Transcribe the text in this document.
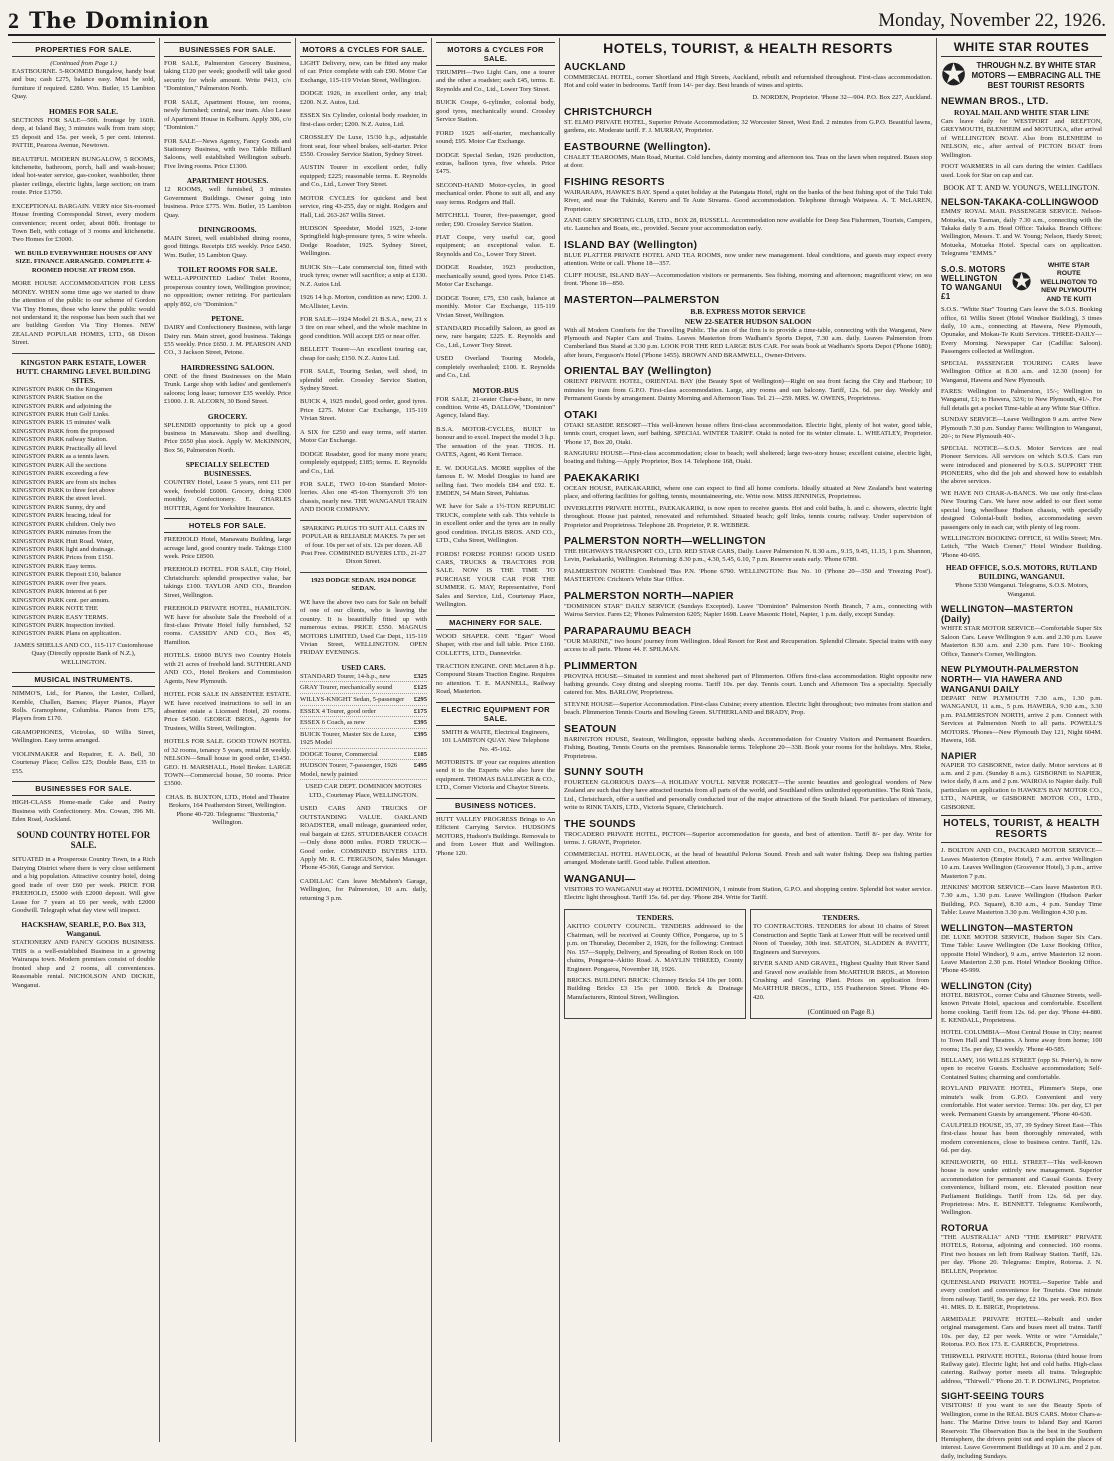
2 The Dominion	Monday, November 22, 1926.
PROPERTIES FOR SALE.
(Continued from Page 1.)
EASTBOURNE. 5-ROOMED Bungalow, handy boat and bus; cash £275, balance easy. Must be sold, furniture if required. £280. Wm. Butler, 15 Lambton Quay.
HOMES FOR SALE.
SECTIONS FOR SALE—50ft. frontage by 160ft. deep, at Island Bay, 3 minutes walk from tram stop; £5 deposit and 15s. per week, 5 per cent. interest. PATTIE, Pearcea Avenue, Newtown.
BEAUTIFUL MODERN BUNGALOW, 5 ROOMS, kitchenette, bathroom, porch, hall and wash-house; ideal hot-water service, gas-cooker, washboiler, three plaster ceilings, electric lights, large section; on tram route. Price £1750.
EXCEPTIONAL BARGAIN. VERY nice Six-roomed House fronting Correspondal Street, every modern convenience; recent order, about 80ft. frontage to Town Belt, with cottage of 3 rooms and kitchenette. Two Homes for £3000.
WE BUILD EVERYWHERE HOUSES OF ANY SIZE. FINANCE ARRANGED. COMPLETE 4-ROOMED HOUSE AT FROM £950.
MORE HOUSE ACCOMMODATION FOR LESS MONEY. WHEN some time ago we started to draw the attention of the public to our scheme of Gordon Via Tiny Homes, those who knew the public would not understand it; the response has been such that we are building Gordon Via Tiny Homes. NEW ZEALAND POPULAR HOMES, LTD., 68 Dixon Street.
KINGSTON PARK ESTATE, LOWER HUTT. CHARMING LEVEL BUILDING SITES.
KINGSTON PARK On the Kingsmen
KINGSTON PARK Station on the
KINGSTON PARK and adjoining the
KINGSTON PARK Hutt Golf Links.
KINGSTON PARK 15 minutes' walk
KINGSTON PARK from the proposed
KINGSTON PARK railway Station.
KINGSTON PARK Practically all level
KINGSTON PARK as a tennis lawn.
KINGSTON PARK All the sections
KINGSTON PARK exceeding a few
KINGSTON PARK are from six inches
KINGSTON PARK to three feet above
KINGSTON PARK the street level.
KINGSTON PARK Sunny, dry and
KINGSTON PARK bracing, ideal for
KINGSTON PARK children. Only two
KINGSTON PARK minutes from the
KINGSTON PARK Hutt Road. Water,
KINGSTON PARK light and drainage.
KINGSTON PARK Prices from £150.
KINGSTON PARK Easy terms.
KINGSTON PARK Deposit £10, balance
KINGSTON PARK over five years.
KINGSTON PARK Interest at 6 per
KINGSTON PARK cent. per annum.
KINGSTON PARK NOTE THE
KINGSTON PARK EASY TERMS.
KINGSTON PARK Inspection invited.
KINGSTON PARK Plans on application.
JAMES SHIELLS AND CO., 115-117 Customhouse Quay (Directly opposite Bank of N.Z.), WELLINGTON.
MUSICAL INSTRUMENTS.
NIMMO'S, Ltd., for Pianos, the Lester, Collard, Kemble, Challen, Barnes; Player Pianos, Player Rolls. Gramophone, Columbia. Pianos from £75, Players from £170.
GRAMOPHONES, Victrolas, 60 Willis Street, Wellington. Easy terms arranged.
VIOLINMAKER and Repairer, E. A. Bell, 30 Courtenay Place; Cellos £25; Double Bass, £35 to £55.
BUSINESSES FOR SALE.
HIGH-CLASS Home-made Cake and Pastry Business with Confectionery. Mrs. Cowan, 396 Mt. Eden Road, Auckland.
SOUND COUNTRY HOTEL FOR SALE.
SITUATED in a Prosperous Country Town, in a Rich Dairying District where there is very close settlement and a big population. Attractive country hotel, doing good trade of over £60 per week. PRICE FOR FREEHOLD, £5000 with £2000 deposit. Will give Lease for 7 years at £6 per week, with £2000 Goodwill. Telegraph what day view will inspect.
HACKSHAW, SEARLE, P.O. Box 313, Wanganui.
STATIONERY AND FANCY GOODS BUSINESS. THIS is a well-established Business in a growing Wairarapa town. Modern premises consist of double fronted shop and 2 rooms, all conveniences. Reasonable rental. NICHOLSON AND DICKIE, Wanganui.
BUSINESSES FOR SALE.
FOR SALE, Palmerston Grocery Business, taking £120 per week; goodwill will take good security for whole amount. Write P413, c/o "Dominion," Palmerston North.
FOR SALE, Apartment House, ten rooms, newly furnished; central, near tram. Also Lease of Apartment House in Kelburn. Apply 306, c/o "Dominion."
FOR SALE—News Agency, Fancy Goods and Stationery Business, with two Table Billiard Saloons, well established Wellington suburb. Five living rooms. Price £1300.
APARTMENT HOUSES.
12 ROOMS, well furnished, 3 minutes Government Buildings. Owner going into business. Price £775. Wm. Butler, 15 Lambton Quay.
DININGROOMS.
MAIN Street, well established dining rooms, good fittings. Receipts £65 weekly. Price £450. Wm. Butler, 15 Lambton Quay.
TOILET ROOMS FOR SALE.
WELL-APPOINTED Ladies' Toilet Rooms, prosperous country town, Wellington province; no opposition; owner retiring. For particulars apply 892, c/o "Dominion."
PETONE.
DAIRY and Confectionery Business, with large Dairy run. Main street, good business. Takings £55 weekly. Price £650. J. M. PEARSON AND CO., 3 Jackson Street, Petone.
HAIRDRESSING SALOON.
ONE of the finest Businesses on the Main Trunk. Large shop with ladies' and gentlemen's saloons; long lease; turnover £35 weekly. Price £1000. J. R. ALCORN, 30 Bond Street.
GROCERY.
SPLENDID opportunity to pick up a good business in Manawatu. Shop and dwelling. Price £650 plus stock. Apply W. McKINNON, Box 56, Palmerston North.
SPECIALLY SELECTED BUSINESSES.
COUNTRY Hotel, Lease 5 years, rent £11 per week, freehold £6000. Grocery, doing £300 monthly, Confectionery. E. CHARLES HOTTER, Agent for Yorkshire Insurance.
HOTELS FOR SALE.
FREEHOLD Hotel, Manawatu Building, large acreage land, good country trade. Takings £100 week. Price £8500.
FREEHOLD HOTEL. FOR SALE, City Hotel, Christchurch: splendid prospective value, bar takings £100. TAYLOR AND CO., Brandon Street, Wellington.
FREEHOLD PRIVATE HOTEL, HAMILTON. WE have for absolute Sale the Freehold of a first-class Private Hotel fully furnished, 52 rooms. CASSIDY AND CO., Box 45, Hamilton.
HOTELS. £6000 BUYS two Country Hotels with 21 acres of freehold land. SUTHERLAND AND CO., Hotel Brokers and Commission Agents, New Plymouth.
HOTEL FOR SALE IN ABSENTEE ESTATE. WE have received instructions to sell in an absentee estate a Licensed Hotel, 20 rooms. Price £4500. GEORGE BROS., Agents for Trustees, Willis Street, Wellington.
HOTELS FOR SALE. GOOD TOWN HOTEL of 32 rooms, tenancy 5 years, rental £8 weekly. NELSON—Small house in good order, £1450. GEO. H. MARSHALL, Hotel Broker. LARGE TOWN—Commercial house, 50 rooms. Price £3500.
CHAS. B. BUXTON, LTD., Hotel and Theatre Brokers, 164 Featherston Street, Wellington. Phone 40-720. Telegrams: "Buxtonia," Wellington.
MOTORS & CYCLES FOR SALE.
LIGHT Delivery, new, can be fitted any make of car. Price complete with cab £90. Motor Car Exchange, 115-119 Vivian Street, Wellington.
DODGE 1926, in excellent order, any trial; £200. N.Z. Autos, Ltd.
ESSEX Six Cylinder, colonial body roadster, in first-class order; £200. N.Z. Autos, Ltd.
CROSSLEY De Luxe, 15/30 h.p., adjustable front seat, four wheel brakes, self-starter. Price £550. Crossley Service Station, Sydney Street.
AUSTIN Tourer in excellent order, fully equipped; £225; reasonable terms. E. Reynolds and Co., Ltd., Lower Tory Street.
MOTOR CYCLES for quickest and best service, ring 43-255, day or night. Rodgers and Hall, Ltd. 263-267 Willis Street.
HUDSON Speedster, Model 1925, 2-tone Springfield high-pressure tyres, 5 wire wheels. Dodge Roadster, 1925. Sydney Street, Wellington.
BUICK Six—Late commercial ton, fitted with truck tyres; owner will sacrifice; a snip at £130. N.Z. Autos Ltd.
1926 14 h.p. Morton, condition as new; £200. J. McAllister, Levin.
FOR SALE—1924 Model 21 B.S.A., new, 21 x 3 tire on rear wheel, and the whole machine in good condition. Will accept £65 or near offer.
BELLETT Tourer—An excellent touring car, cheap for cash; £150. N.Z. Autos Ltd.
FOR SALE, Touring Sedan, well shod, in splendid order. Crossley Service Station, Sydney Street.
BUICK 4, 1925 model, good order, good tyres. Price £275. Motor Car Exchange, 115-119 Vivian Street.
A SIX for £250 and easy terms, self starter. Motor Car Exchange.
DODGE Roadster, good for many more years; completely equipped; £185; terms. E. Reynolds and Co., Ltd.
FOR SALE, TWO 10-ton Standard Motor-lorries. Also one 45-ton Thornycroft 3½ ton chassis, nearly new. THE WANGANUI TRAIN AND DOOR COMPANY.
SPARKING PLUGS TO SUIT ALL CARS IN POPULAR & RELIABLE MAKES. 7s per set of four. 10s per set of six. 12s per dozen. All Post Free. COMBINED BUYERS LTD., 21-27 Dixon Street.
1923 DODGE SEDAN. 1924 DODGE SEDAN.
WE have the above two cars for Sale on behalf of one of our clients, who is leaving the country. It is beautifully fitted up with numerous extras. PRICE £550. MAGNUS MOTORS LIMITED, Used Car Dept., 115-119 Vivian Street, WELLINGTON. OPEN FRIDAY EVENINGS.
USED CARS.
STANDARD Tourer, 14-h.p., new	£325
GRAY Tourer, mechanically sound	£125
WILLYS-KNIGHT Sedan, 5-passenger	£295
ESSEX 4 Tourer, good order	£175
ESSEX 6 Coach, as new	£395
BUICK Tourer, Master Six de Luxe, 1925 Model
£395
DODGE Tourer, Commercial	£185
HUDSON Tourer, 7-passenger, 1926 Model, newly painted
£495
USED CAR DEPT. DOMINION MOTORS LTD., Courtenay Place, WELLINGTON.
USED CARS AND TRUCKS OF OUTSTANDING VALUE. OAKLAND ROADSTER, small mileage, guaranteed order, real bargain at £265. STUDEBAKER COACH—Only done 8000 miles. FORD TRUCK—Good order. COMBINED BUYERS LTD. Apply Mr. R. C. FERGUSON, Sales Manager. 'Phone 45-366, Garage and Service.
CADILLAC Cars leave McMahon's Garage, Wellington, for Palmerston, 10 a.m. daily, returning 3 p.m.
MOTORS & CYCLES FOR SALE.
TRIUMPH—Two Light Cars, one a tourer and the other a roadster; each £45, terms. E. Reynolds and Co., Ltd., Lower Tory Street.
BUICK Coupe, 6-cylinder, colonial body, good tyres, mechanically sound. Crossley Service Station.
FORD 1925 self-starter, mechanically sound; £95. Motor Car Exchange.
DODGE Special Sedan, 1926 production, extras, balloon tyres, five wheels. Price £475.
SECOND-HAND Motor-cycles, in good mechanical order. Phone to suit all, and any easy terms. Rodgers and Hall.
MITCHELL Tourer, five-passenger, good order; £90. Crossley Service Station.
FIAT Coupe, very useful car, good equipment; an exceptional value. E. Reynolds and Co., Lower Tory Street.
DODGE Roadster, 1923 production, mechanically sound, good tyres. Price £145. Motor Car Exchange.
DODGE Tourer, £75, £30 cash, balance at monthly. Motor Car Exchange, 115-119 Vivian Street, Wellington.
STANDARD Piccadilly Saloon, as good as new, rare bargain; £225. E. Reynolds and Co., Ltd., Lower Tory Street.
USED Overland Touring Models, completely overhauled; £100. E. Reynolds and Co., Ltd.
MOTOR-BUS
FOR SALE, 21-seater Char-a-banc, in new condition. Write 45, DALLOW, "Dominion" Agency, Island Bay.
B.S.A. MOTOR-CYCLES, BUILT to honour and to excel. Inspect the model 3 h.p. The sensation of the year. THOS. H. OATES, Agent, 46 Kent Terrace.
E. W. DOUGLAS. MORE supplies of the famous E. W. Model Douglas to hand are selling fast. Two models £84 and £92. E. EMDEN, 54 Main Street, Pahiatua.
WE have for Sale a 1½-TON REPUBLIC TRUCK, complete with cab. This vehicle is in excellent order and the tyres are in really good condition. INGLIS BROS. AND CO., LTD., Cuba Street, Wellington.
FORDS! FORDS! FORDS! GOOD USED CARS, TRUCKS & TRACTORS FOR SALE. NOW IS THE TIME TO PURCHASE YOUR CAR FOR THE SUMMER. G. MAY, Representative, Ford Sales and Service, Ltd., Courtenay Place, Wellington.
MACHINERY FOR SALE.
WOOD SHAPER. ONE "Egan" Wood Shaper, with rise and fall table. Price £160. COLLETTS, LTD., Dannevirke.
TRACTION ENGINE. ONE McLaren 8 h.p. Compound Steam Traction Engine. Requires no attention. T. E. MANNELL, Railway Road, Masterton.
ELECTRIC EQUIPMENT FOR SALE.
SMITH & WAITE, Electrical Engineers, 101 LAMBTON QUAY. New Telephone No. 45-162.
MOTORISTS. IF your car requires attention send it to the Experts who also have the equipment. THOMAS BALLINGER & CO., LTD., Corner Victoria and Chaytor Streets.
BUSINESS NOTICES.
HUTT VALLEY PROGRESS Brings to An Efficient Carrying Service. HUDSON'S MOTORS, Hudson's Buildings. Removals to and from Lower Hutt and Wellington. 'Phone 120.
HOTELS, TOURIST, & HEALTH RESORTS
AUCKLAND
COMMERCIAL HOTEL, corner Shortland and High Streets, Auckland, rebuilt and refurnished throughout. First-class accommodation. Hot and cold water in bedrooms. Tariff from 14/- per day. Best brands of wines and spirits.
D. NORDEN, Proprietor. 'Phone 32—904. P.O. Box 227, Auckland.
CHRISTCHURCH
ST. ELMO PRIVATE HOTEL, Superior Private Accommodation; 32 Worcester Street, West End. 2 minutes from G.P.O. Beautiful lawns, gardens, etc. Moderate tariff. F. J. MURRAY, Proprietor.
EASTBOURNE (Wellington).
CHALET TEAROOMS, Main Road, Muritai. Cold lunches, dainty morning and afternoon tea. Teas on the lawn when required. Buses stop at door.
FISHING RESORTS
WAIRARAPA, HAWKE'S BAY. Spend a quiet holiday at the Patangata Hotel, right on the banks of the best fishing spot of the Tuki Tuki River, and near the Tukituki, Kereru and Te Aute Streams. Good accommodation. Telephone through Waipawa. A. T. McLAREN, Proprietor.
ZANE GREY SPORTING CLUB, LTD., BOX 28, RUSSELL. Accommodation now available for Deep Sea Fishermen, Tourists, Campers, etc. Launches and Boats, etc., provided. Secure your accommodation early.
ISLAND BAY (Wellington)
BLUE PLATTER PRIVATE HOTEL AND TEA ROOMS, now under new management. Ideal conditions, and guests may expect every attention. Write or call. 'Phone 18—357.
CLIFF HOUSE, ISLAND BAY—Accommodation visitors or permanents. Sea fishing, morning and afternoon; magnificent view; on sea front. 'Phone 18—850.
MASTERTON—PALMERSTON
B.B. EXPRESS MOTOR SERVICE
NEW 22-SEATER HUDSON SALOON
With all Modern Comforts for the Travelling Public. The aim of the firm is to provide a time-table, connecting with the Wanganui, New Plymouth and Napier Cars and Trains. Leaves Masterton from Wadham's Sports Depot, 7.30 a.m. daily. Leaves Palmerston from Cumberland Bus Stand at 3.30 p.m. LOOK FOR THE RED LARGE BUS CAR. For seats book at Wadham's Sports Depot ('Phone 1680); after hours, Ferguson's Hotel ('Phone 1455). BROWN AND BRAMWELL, Owner-Drivers.
ORIENTAL BAY (Wellington)
ORIENT PRIVATE HOTEL, ORIENTAL BAY (the Beauty Spot of Wellington)—Right on sea front facing the City and Harbour; 10 minutes by tram from G.P.O. First-class accommodation. Large, airy rooms and sun balcony. Tariff, 12s. 6d. per day. Weekly and Permanent Guests by arrangement. Dainty Morning and Afternoon Teas. Tel. 21—259. MRS. W. OWENS, Proprietress.
OTAKI
OTAKI SEASIDE RESORT—This well-known house offers first-class accommodation. Electric light, plenty of hot water, good table, tennis court, croquet lawn, surf bathing. SPECIAL WINTER TARIFF. Otaki is noted for its winter climate. L. WHEATLEY, Proprietor. 'Phone 17, Box 20, Otaki.
RANGIURU HOUSE—First-class accommodation; close to beach; well sheltered; large two-story house; excellent cuisine, electric light, boating and fishing.—Apply Proprietor, Box 14. Telephone 168, Otaki.
PAEKAKARIKI
OCEAN HOUSE, PAEKAKARIKI, where one can expect to find all home comforts. Ideally situated at New Zealand's best watering place, and offering facilities for golfing, tennis, mountaineering, etc. Write now. MISS JENNINGS, Proprietress.
INVERLEITH PRIVATE HOTEL, PAEKAKARIKI, is now open to receive guests. Hot and cold baths, h. and c. showers, electric light throughout. House just painted, renovated and refurnished. Situated beach; golf links, tennis courts; railway. Under supervision of Proprietor and Proprietress. Telephone 28. Proprietor, P. R. WEBBER.
PALMERSTON NORTH—WELLINGTON
THE HIGHWAYS TRANSPORT CO., LTD. RED STAR CARS, Daily. Leave Palmerston N. 8.30 a.m., 9.15, 9.45, 11.15, 1 p.m. Shannon, Levin, Paekakariki, Wellington. Returning: 8.30 p.m., 4.30, 5.45, 6.10, 7 p.m. Reserve seats early. 'Phone 6780.
PALMERSTON NORTH: Combined 'Bus P.N. 'Phone 6790. WELLINGTON: Bus No. 10 ('Phone 20—350 and 'Freezing Post'). MASTERTON: Crichton's White Star Office.
PALMERSTON NORTH—NAPIER
"DOMINION STAR" DAILY SERVICE (Sundays Excepted). Leave "Dominion" Palmerston North Branch, 7 a.m., connecting with Wairoa Service. Fares £2; 'Phones Palmerston 6205; Napier 1698. Leave Masonic Hotel, Napier, 1 p.m. daily, except Sunday.
PARAPARAUMU BEACH
"OUR MARINE," two hours' journey from Wellington. Ideal Resort for Rest and Recuperation. Splendid Climate. Special trains with easy access to all parts. 'Phone 44. F. SPILMAN.
PLIMMERTON
PROVINA HOUSE—Situated in sunniest and most sheltered part of Plimmerton. Offers first-class accommodation. Right opposite new bathing grounds. Cosy dining and sleeping rooms. Tariff 10s. per day. Tennis court. Lunch and Afternoon Tea a speciality. Specially catered for. Mrs. BARLOW, Proprietress.
STEYNE HOUSE—Superior Accommodation. First-class Cuisine; every attention. Electric light throughout; two minutes from station and beach. Plimmerton Tennis Courts and Bowling Green. SUTHERLAND and BRADY, Prop.
SEATOUN
BARINGTON HOUSE, Seatoun, Wellington, opposite bathing sheds. Accommodation for Country Visitors and Permanent Boarders. Fishing, Boating, Tennis Courts on the premises. Reasonable terms. Telephone 20—338. Book your rooms for the holidays. Mrs. Rieke, Proprietress.
SUNNY SOUTH
FOURTEEN GLORIOUS DAYS—A HOLIDAY YOU'LL NEVER FORGET—The scenic beauties and geological wonders of New Zealand are such that they have attracted tourists from all parts of the world, and Southland offers unlimited opportunities. The Rink Taxis, Ltd., Christchurch, offer a unified and personally conducted tour of the major attractions of the South Island. For particulars of itinerary, write to RINK TAXIS, LTD., Victoria Square, Christchurch.
THE SOUNDS
TROCADERO PRIVATE HOTEL, PICTON—Superior accommodation for guests, and best of attention. Tariff 8/- per day. Write for terms. J. GRAVE, Proprietor.
COMMERCIAL HOTEL HAVELOCK, at the head of beautiful Pelorus Sound. Fresh and salt water fishing. Deep sea fishing parties arranged. Moderate tariff. Good table. Fullest attention.
WANGANUI—
VISITORS TO WANGANUI stay at HOTEL DOMINION, 1 minute from Station, G.P.O. and shopping centre. Splendid hot water service. Electric light throughout. Tariff 15s. 6d. per day. 'Phone 284. Write for Tariff.
TENDERS.
AKITIO COUNTY COUNCIL. TENDERS addressed to the Chairman, will be received at County Office, Pongaroa, up to 5 p.m. on Thursday, December 2, 1926, for the following: Contract No. 157—Supply, Delivery, and Spreading of Rotten Rock on 100 chains, Pongaroa–Akitio Road. A. MAYLIN THREED, County Engineer. Pongaroa, November 18, 1926.
BRICKS. BUILDING BRICK: Chimney Bricks £4 10s per 1000. Building Bricks £3 15s per 1000. Brick & Drainage Manufacturers, Rintoul Street, Wellington.
TENDERS.
TO CONTRACTORS. TENDERS for about 10 chains of Street Construction and Septic Tank at Lower Hutt will be received until Noon of Tuesday, 30th inst. SEATON, SLADDEN & PAVITT, Engineers and Surveyors.
RIVER SAND AND GRAVEL, Highest Quality Hutt River Sand and Gravel now available from McARTHUR BROS., at Moreton Crushing and Graving Plant. Prices on application from McARTHUR BROS., LTD., 155 Featherston Street. 'Phone 40-420.
(Continued on Page 8.)
WHITE STAR ROUTES
✪	THROUGH N.Z. BY WHITE STAR MOTORS — EMBRACING ALL THE BEST TOURIST RESORTS
NEWMAN BROS., LTD.
ROYAL MAIL AND WHITE STAR LINE
Cars leave daily for WESTPORT and REEFTON, GREYMOUTH, BLENHEIM and MOTUEKA, after arrival of WELLINGTON BOAT. Also from BLENHEIM to NELSON, etc., after arrival of PICTON BOAT from Wellington.
FOOT WARMERS in all cars during the winter. Cadillacs used. Look for Star on cap and car.
BOOK AT T. AND W. YOUNG'S, WELLINGTON.
NELSON-TAKAKA-COLLINGWOOD
EMMS' ROYAL MAIL PASSENGER SERVICE. Nelson-Motueka, via Tasman, daily 7.30 a.m., connecting with the Takaka daily 9 a.m. Head Office: Takaka. Branch Offices: Wellington, Messrs. T. and W. Young; Nelson, Hardy Street; Motueka, Motueka Hotel. Special cars on application. Telegrams "EMMS."
S.O.S. MOTORS WELLINGTON TO WANGANUI £1
✪
WHITE STAR ROUTE WELLINGTON TO NEW PLYMOUTH AND TE KUITI
S.O.S. "White Star" Touring Cars leave the S.O.S. Booking office, 61 Willis Street (Hotel Windsor Building), 3 times daily, 10 a.m., connecting at Hawera, New Plymouth, Opunake, and Mokau-Te Kuiti Services. THREE-DAILY—Every Morning. Newspaper Car (Cadillac Saloon). Passengers collected at Wellington.
SPECIAL PASSENGER TOURING CARS leave Wellington Office at 8.30 a.m. and 12.30 (noon) for Wanganui, Hawera and New Plymouth.
FARES: Wellington to Palmerston, 15/-; Wellington to Wanganui, £1; to Hawera, 32/6; to New Plymouth, 41/-. For full details get a pocket Time-table at any White Star Office.
SUNDAY SERVICE—Leave Wellington 9 a.m. arrive New Plymouth 7.30 p.m. Sunday Fares: Wellington to Wanganui, 20/-; to New Plymouth 40/-.
SPECIAL NOTICE—S.O.S. Motor Services are real Pioneer Services. All services on which S.O.S. Cars run were introduced and pioneered by S.O.S. SUPPORT THE PIONEERS, who did the job and showed how to establish the above services.
WE HAVE NO CHAR-A-BANCS. We use only first-class New Touring Cars. We have now added to our fleet some special long wheelbase Hudson chassis, with specially designed Colonial-built bodies, accommodating seven passengers only in each car, with plenty of leg room.
WELLINGTON BOOKING OFFICE, 61 Willis Street; Mrs. Leitch, "The Watch Corner," Hotel Windsor Building. 'Phone 40-695.
HEAD OFFICE, S.O.S. MOTORS, RUTLAND BUILDING, WANGANUI.
'Phone 5330 Wanganui. Telegrams, S.O.S. Motors, Wanganui.
WELLINGTON—MASTERTON (Daily)
WHITE STAR MOTOR SERVICE—Comfortable Super Six Saloon Cars. Leave Wellington 9 a.m. and 2.30 p.m. Leave Masterton 8.30 a.m. and 2.30 p.m. Fare 10/-. Booking Office, Tanner's Corner, Wellington.
NEW PLYMOUTH-PALMERSTON NORTH— VIA HAWERA AND WANGANUI DAILY
DEPART NEW PLYMOUTH 7.30 a.m., 1.30 p.m. WANGANUI, 11 a.m., 5 p.m. HAWERA, 9.30 a.m., 3.30 p.m. PALMERSTON NORTH, arrive 2 p.m. Connect with Services at Palmerston North to all parts. POWELL'S MOTORS. 'Phones—New Plymouth Day 121, Night 604M. Hawera, 168.
NAPIER
NAPIER TO GISBORNE, twice daily. Motor services at 8 a.m. and 2 p.m. (Sunday 8 a.m.). GISBORNE to NAPIER, twice daily, 8 a.m. and 2 p.m. WAIROA to Napier daily. Full particulars on application to HAWKE'S BAY MOTOR CO., LTD., NAPIER, or GISBORNE MOTOR CO., LTD., GISBORNE.
HOTELS, TOURIST, & HEALTH RESORTS
J. BOLTON AND CO., PACKARD MOTOR SERVICE—Leaves Masterton (Empire Hotel), 7 a.m. arrive Wellington 10 a.m. Leaves Wellington (Grosvenor Hotel), 3 p.m., arrive Masterton 7 p.m.
JENKINS' MOTOR SERVICE—Cars leave Masterton P.O. 7.30 a.m., 1.30 p.m. Leave Wellington (Hudson Parker Building, P.O. Square), 8.30 a.m., 4 p.m. Sunday Time Table: Leave Masterton 3.30 p.m. Wellington 4.30 p.m.
WELLINGTON—MASTERTON
DE LUXE MOTOR SERVICE, Hudson Super Six Cars. Time Table: Leave Wellington (De Luxe Booking Office, opposite Hotel Windsor), 9 a.m., arrive Masterton 12 noon. Leave Masterton 2.30 p.m. Hotel Windsor Booking Office. 'Phone 45-999.
WELLINGTON (City)
HOTEL BRISTOL, corner Cuba and Ghuznee Streets, well-known Private Hotel, spacious and comfortable. Excellent home cooking. Tariff from 12s. 6d. per day. 'Phone 44-880. E. KENDALL, Proprietress.
HOTEL COLUMBIA—Most Central House in City; nearest to Town Hall and Theatres. A home away from home; 100 rooms; 15s. per day, £3 weekly. 'Phone 40-585.
BELLAMY, 166 WILLIS STREET (opp St. Peter's), is now open to receive Guests. Exclusive accommodation; Self-Contained Suites; charming and comfortable.
ROYLAND PRIVATE HOTEL, Plimmer's Steps, one minute's walk from G.P.O. Convenient and very comfortable. Hot water service. Terms: 10s. per day, £3 per week. Permanent Guests by arrangement. 'Phone 40-630.
CAULFIELD HOUSE, 35, 37, 39 Sydney Street East—This first-class house has been thoroughly renovated, with modern conveniences, close to business centre. Tariff, 12s. 6d. per day.
KENILWORTH, 60 HILL STREET—This well-known house is now under entirely new management. Superior accommodation for permanent and Casual Guests. Every convenience, billiard room, etc. Elevated position near Parliament Buildings. Tariff from 12s. 6d. per day. Proprietress: Mrs. E. BENNETT. Telegrams: Kenilworth, Wellington.
ROTORUA
"THE AUSTRALIA" AND "THE EMPIRE" PRIVATE HOTELS, Rotorua, adjoining and connected. 160 rooms. First two houses on left from Railway Station. Tariff, 12s. per day. 'Phone 20. Telegrams: Empire, Rotorua. J. N. BELLEN, Proprietor.
QUEENSLAND PRIVATE HOTEL—Superior Table and every comfort and convenience for Tourists. One minute from railway. Tariff, 9s. per day, £2 10s. per week. P.O. Box 41. MRS. D. E. BIRGE, Proprietress.
ARMIDALE PRIVATE HOTEL—Rebuilt and under original management. Cars and buses meet all trains. Tariff 10s. per day, £2 per week. Write or wire "Armidale," Rotorua. P.O. Box 173. E. CARRECK, Proprietress.
THIRWELL PRIVATE HOTEL, Rotorua (third house from Railway gate). Electric light; hot and cold baths. High-class catering. Railway porter meets all trains. Telegraphic address, "Thirwell." 'Phone 20. T. P. DOWLING, Proprietor.
SIGHT-SEEING TOURS
VISITORS! If you want to see the Beauty Spots of Wellington, come in the REAL BUS CARS. Motor Chars-a-banc. The Marine Drive tours to Island Bay and Karori Reservoir. The Observation Bus is the best in the Southern Hemisphere, the drivers point out and explain the places of interest. Leave Government Buildings at 10 a.m. and 2 p.m. daily, including Sundays.
